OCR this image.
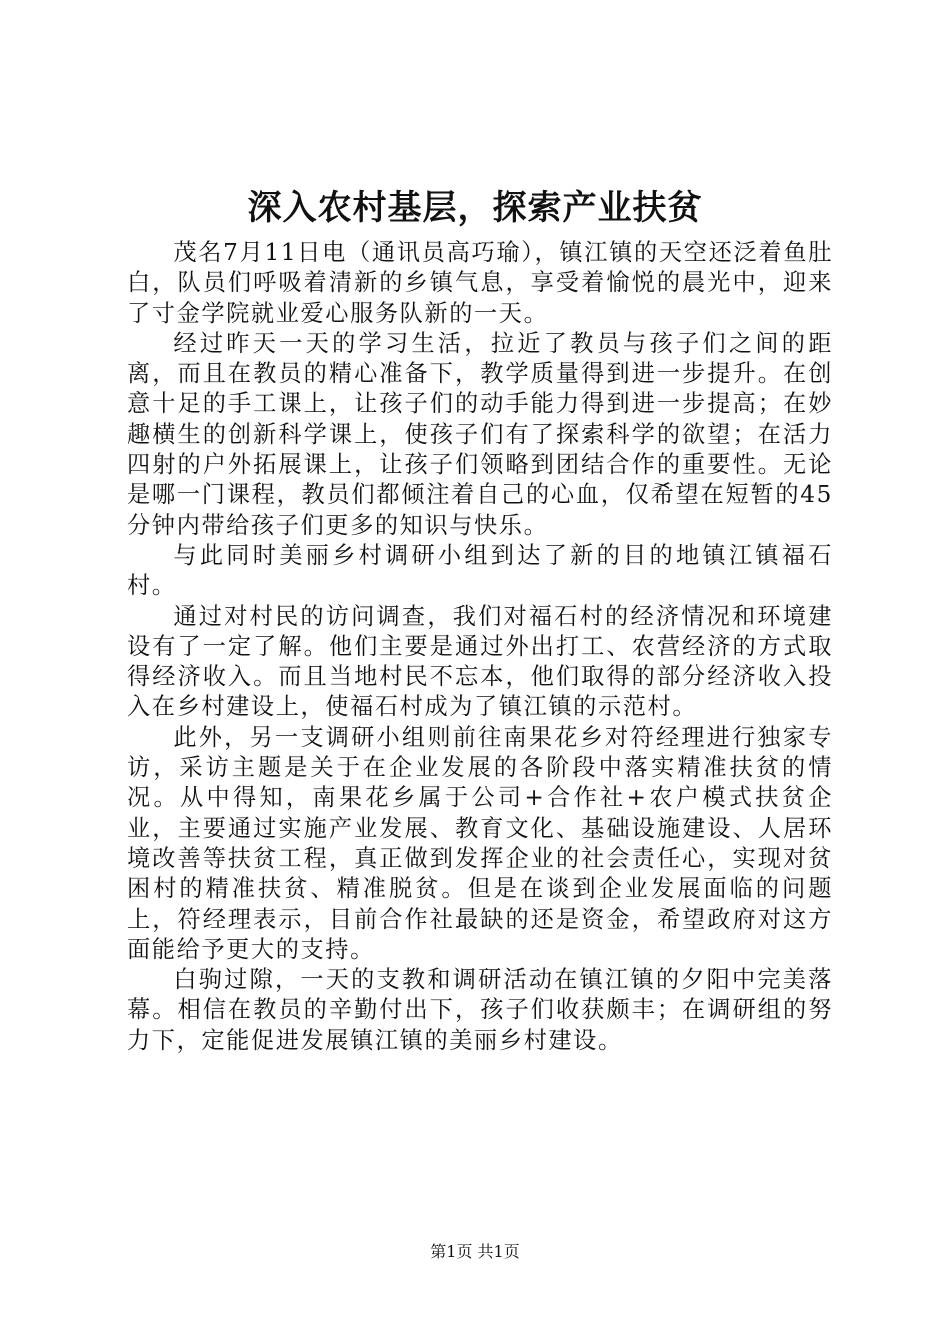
深入农村基层，探索产业扶贫

茂名7月11日电（通讯员高巧瑜），镇江镇的天空还泛着鱼肚白，队员们呼吸着清新的乡镇气息，享受着愉悦的晨光中，迎来了寸金学院就业爱心服务队新的一天。

经过昨天一天的学习生活，拉近了教员与孩子们之间的距离，而且在教员的精心准备下，教学质量得到进一步提升。在创意十足的手工课上，让孩子们的动手能力得到进一步提高；在妙趣横生的创新科学课上，使孩子们有了探索科学的欲望；在活力四射的户外拓展课上，让孩子们领略到团结合作的重要性。无论是哪一门课程，教员们都倾注着自己的心血，仅希望在短暂的45分钟内带给孩子们更多的知识与快乐。

与此同时美丽乡村调研小组到达了新的目的地镇江镇福石村。

通过对村民的访问调查，我们对福石村的经济情况和环境建设有了一定了解。他们主要是通过外出打工、农营经济的方式取得经济收入。而且当地村民不忘本，他们取得的部分经济收入投入在乡村建设上，使福石村成为了镇江镇的示范村。

此外，另一支调研小组则前往南果花乡对符经理进行独家专访，采访主题是关于在企业发展的各阶段中落实精准扶贫的情况。从中得知，南果花乡属于公司+合作社+农户模式扶贫企业，主要通过实施产业发展、教育文化、基础设施建设、人居环境改善等扶贫工程，真正做到发挥企业的社会责任心，实现对贫困村的精准扶贫、精准脱贫。但是在谈到企业发展面临的问题上，符经理表示，目前合作社最缺的还是资金，希望政府对这方面能给予更大的支持。

白驹过隙，一天的支教和调研活动在镇江镇的夕阳中完美落幕。相信在教员的辛勤付出下，孩子们收获颇丰；在调研组的努力下，定能促进发展镇江镇的美丽乡村建设。

第1页 共1页
